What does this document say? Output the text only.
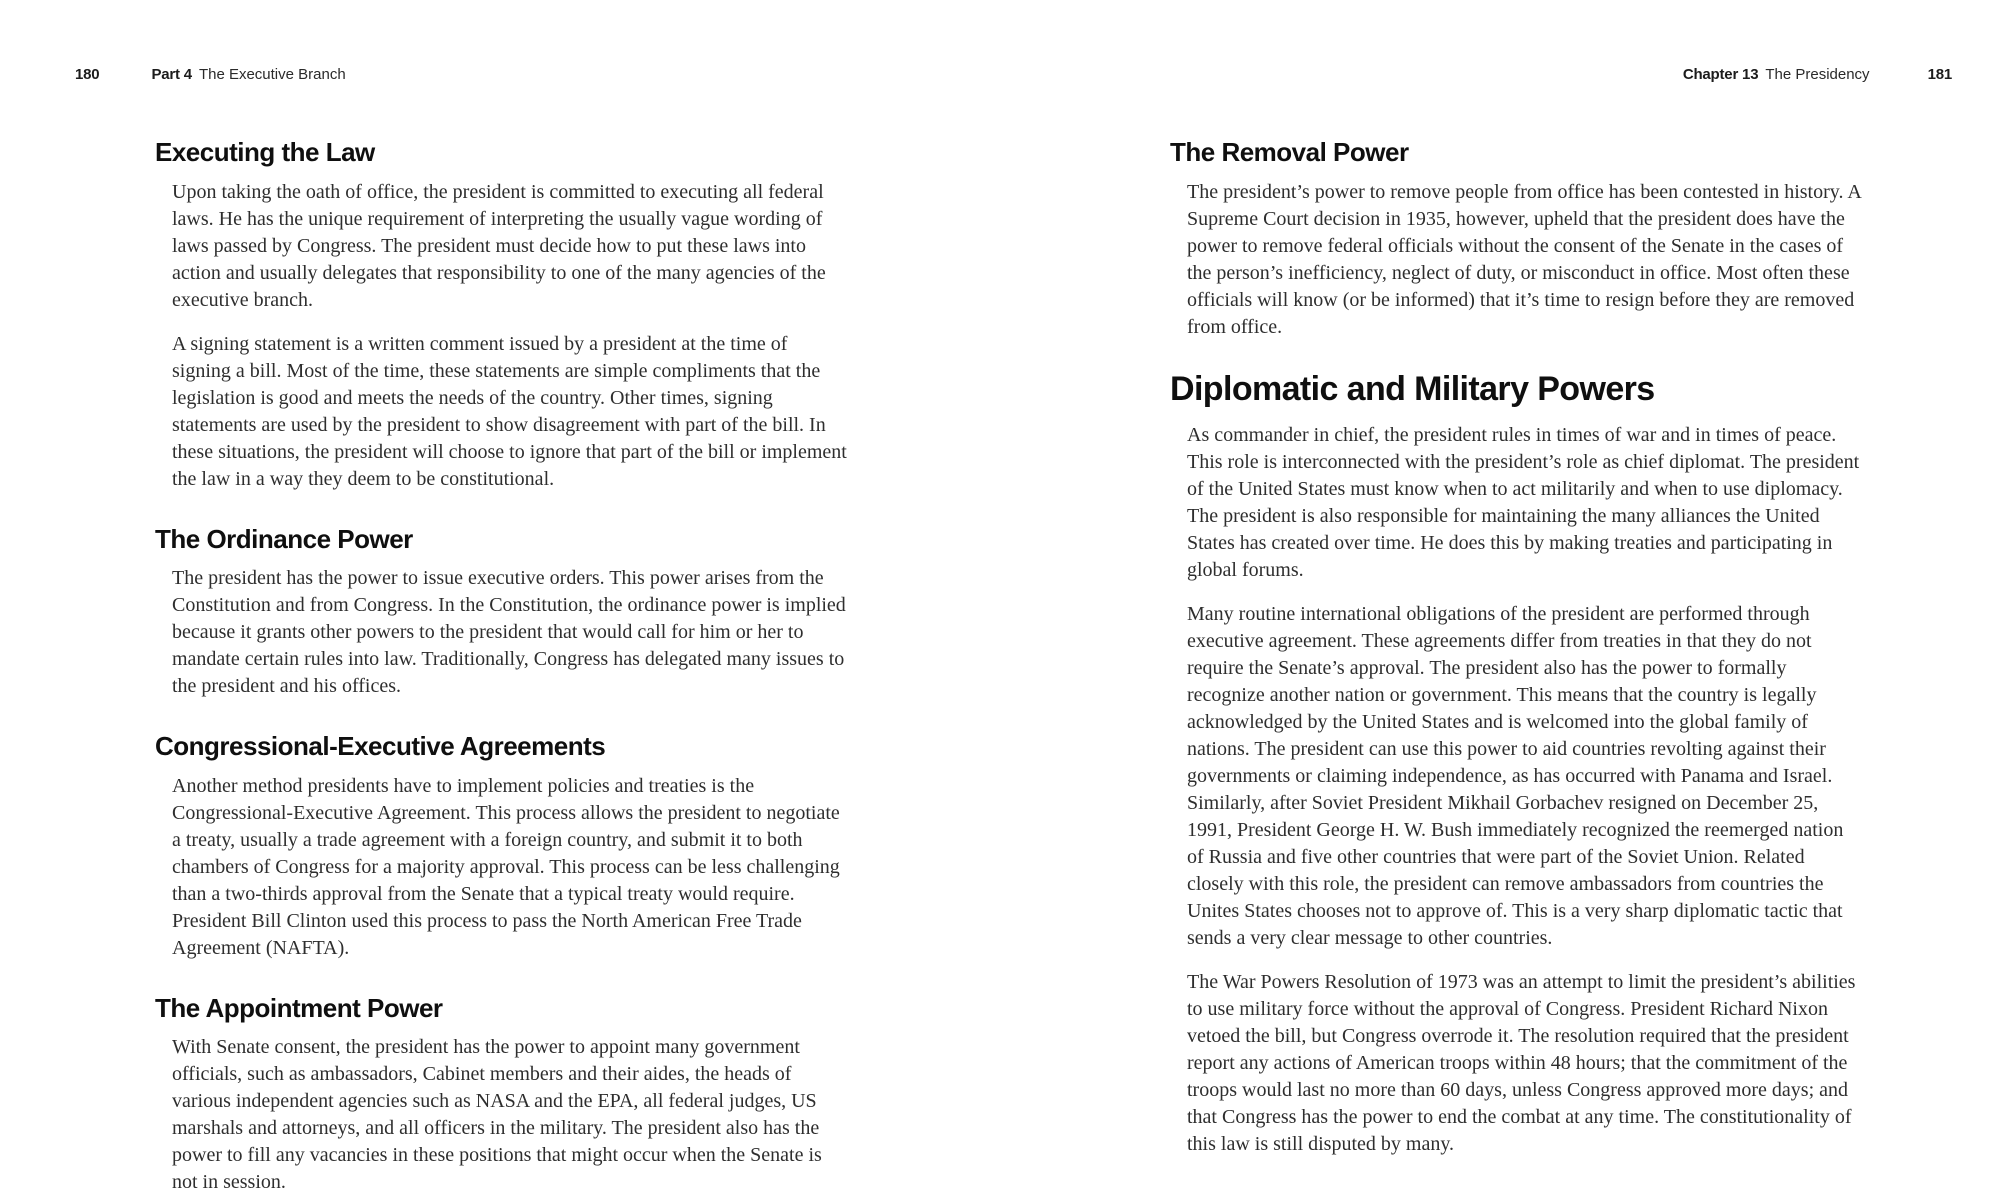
180	Part 4 The Executive Branch	Chapter 13 The Presidency	181
Executing the Law

Upon taking the oath of office, the president is committed to executing all federal laws. He has the unique requirement of interpreting the usually vague wording of laws passed by Congress. The president must decide how to put these laws into action and usually delegates that responsibility to one of the many agencies of the executive branch.

A signing statement is a written comment issued by a president at the time of signing a bill. Most of the time, these statements are simple compliments that the legislation is good and meets the needs of the country. Other times, signing statements are used by the president to show disagreement with part of the bill. In these situations, the president will choose to ignore that part of the bill or implement the law in a way they deem to be constitutional.

The Ordinance Power

The president has the power to issue executive orders. This power arises from the Constitution and from Congress. In the Constitution, the ordinance power is implied because it grants other powers to the president that would call for him or her to mandate certain rules into law. Traditionally, Congress has delegated many issues to the president and his offices.

Congressional-Executive Agreements

Another method presidents have to implement policies and treaties is the Congressional-Executive Agreement. This process allows the president to negotiate a treaty, usually a trade agreement with a foreign country, and submit it to both chambers of Congress for a majority approval. This process can be less challenging than a two-thirds approval from the Senate that a typical treaty would require. President Bill Clinton used this process to pass the North American Free Trade Agreement (NAFTA).

The Appointment Power

With Senate consent, the president has the power to appoint many government officials, such as ambassadors, Cabinet members and their aides, the heads of various independent agencies such as NASA and the EPA, all federal judges, US marshals and attorneys, and all officers in the military. The president also has the power to fill any vacancies in these positions that might occur when the Senate is not in session.

The Removal Power

The president’s power to remove people from office has been contested in history. A Supreme Court decision in 1935, however, upheld that the president does have the power to remove federal officials without the consent of the Senate in the cases of the person’s inefficiency, neglect of duty, or misconduct in office. Most often these officials will know (or be informed) that it’s time to resign before they are removed from office.

Diplomatic and Military Powers

As commander in chief, the president rules in times of war and in times of peace. This role is interconnected with the president’s role as chief diplomat. The president of the United States must know when to act militarily and when to use diplomacy. The president is also responsible for maintaining the many alliances the United States has created over time. He does this by making treaties and participating in global forums.

Many routine international obligations of the president are performed through executive agreement. These agreements differ from treaties in that they do not require the Senate’s approval. The president also has the power to formally recognize another nation or government. This means that the country is legally acknowledged by the United States and is welcomed into the global family of nations. The president can use this power to aid countries revolting against their governments or claiming independence, as has occurred with Panama and Israel. Similarly, after Soviet President Mikhail Gorbachev resigned on December 25, 1991, President George H. W. Bush immediately recognized the reemerged nation of Russia and five other countries that were part of the Soviet Union. Related closely with this role, the president can remove ambassadors from countries the Unites States chooses not to approve of. This is a very sharp diplomatic tactic that sends a very clear message to other countries.

The War Powers Resolution of 1973 was an attempt to limit the president’s abilities to use military force without the approval of Congress. President Richard Nixon vetoed the bill, but Congress overrode it. The resolution required that the president report any actions of American troops within 48 hours; that the commitment of the troops would last no more than 60 days, unless Congress approved more days; and that Congress has the power to end the combat at any time. The constitutionality of this law is still disputed by many.
